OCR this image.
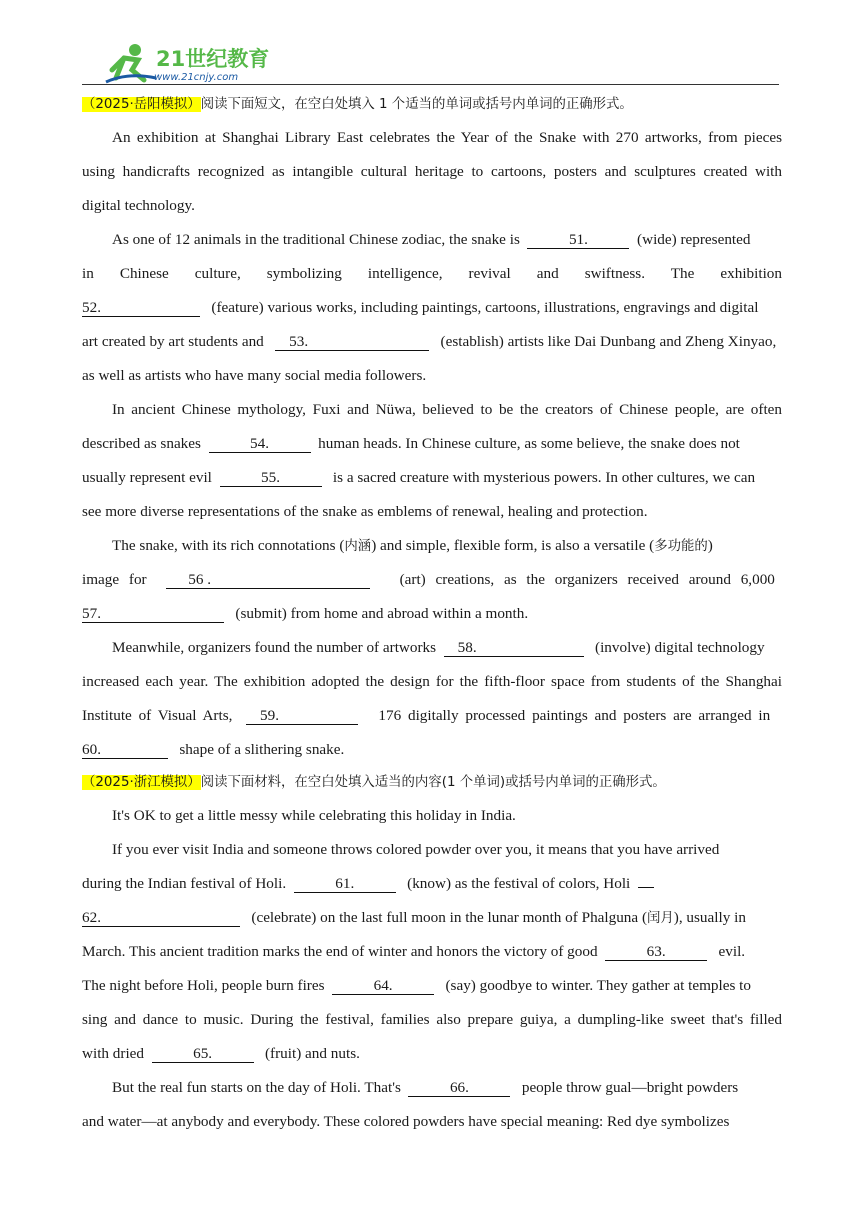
21世纪教育
www.21cnjy.com
（2025·岳阳模拟）阅读下面短文，在空白处填入 1 个适当的单词或括号内单词的正确形式。
An exhibition at Shanghai Library East celebrates the Year of the Snake with 270 artworks, from pieces
using handicrafts recognized as intangible cultural heritage to cartoons, posters and sculptures created with
digital technology.
As one of 12 animals in the traditional Chinese zodiac, the snake is	51.	(wide) represented
in Chinese culture, symbolizing intelligence, revival and swiftness. The exhibition
52.	(feature) various works, including paintings, cartoons, illustrations, engravings and digital
art created by art students and 53.	(establish) artists like Dai Dunbang and Zheng Xinyao,
as well as artists who have many social media followers.
In ancient Chinese mythology, Fuxi and Nüwa, believed to be the creators of Chinese people, are often
described as snakes	54.	human heads. In Chinese culture, as some believe, the snake does not
usually represent evil	55.	is a sacred creature with mysterious powers. In other cultures, we can
see more diverse representations of the snake as emblems of renewal, healing and protection.
The snake, with its rich connotations (内涵) and simple, flexible form, is also a versatile (多功能的)
image for	56 .	(art) creations, as the organizers received around 6,000
57.	(submit) from home and abroad within a month.
Meanwhile, organizers found the number of artworks 58.	(involve) digital technology
increased each year. The exhibition adopted the design for the fifth-floor space from students of the Shanghai
Institute of Visual Arts, 59.	176 digitally processed paintings and posters are arranged in
60.	shape of a slithering snake.
（2025·浙江模拟）阅读下面材料，在空白处填入适当的内容(1 个单词)或括号内单词的正确形式。
It's OK to get a little messy while celebrating this holiday in India.
If you ever visit India and someone throws colored powder over you, it means that you have arrived
during the Indian festival of Holi.	61.	(know) as the festival of colors, Holi
62.	(celebrate) on the last full moon in the lunar month of Phalguna (闰月), usually in
March. This ancient tradition marks the end of winter and honors the victory of good	63.	evil.
The night before Holi, people burn fires	64.	(say) goodbye to winter. They gather at temples to
sing and dance to music. During the festival, families also prepare guiya, a dumpling-like sweet that's filled
with dried	65.	(fruit) and nuts.
But the real fun starts on the day of Holi. That's	66.	people throw gual—bright powders
and water—at anybody and everybody. These colored powders have special meaning: Red dye symbolizes
